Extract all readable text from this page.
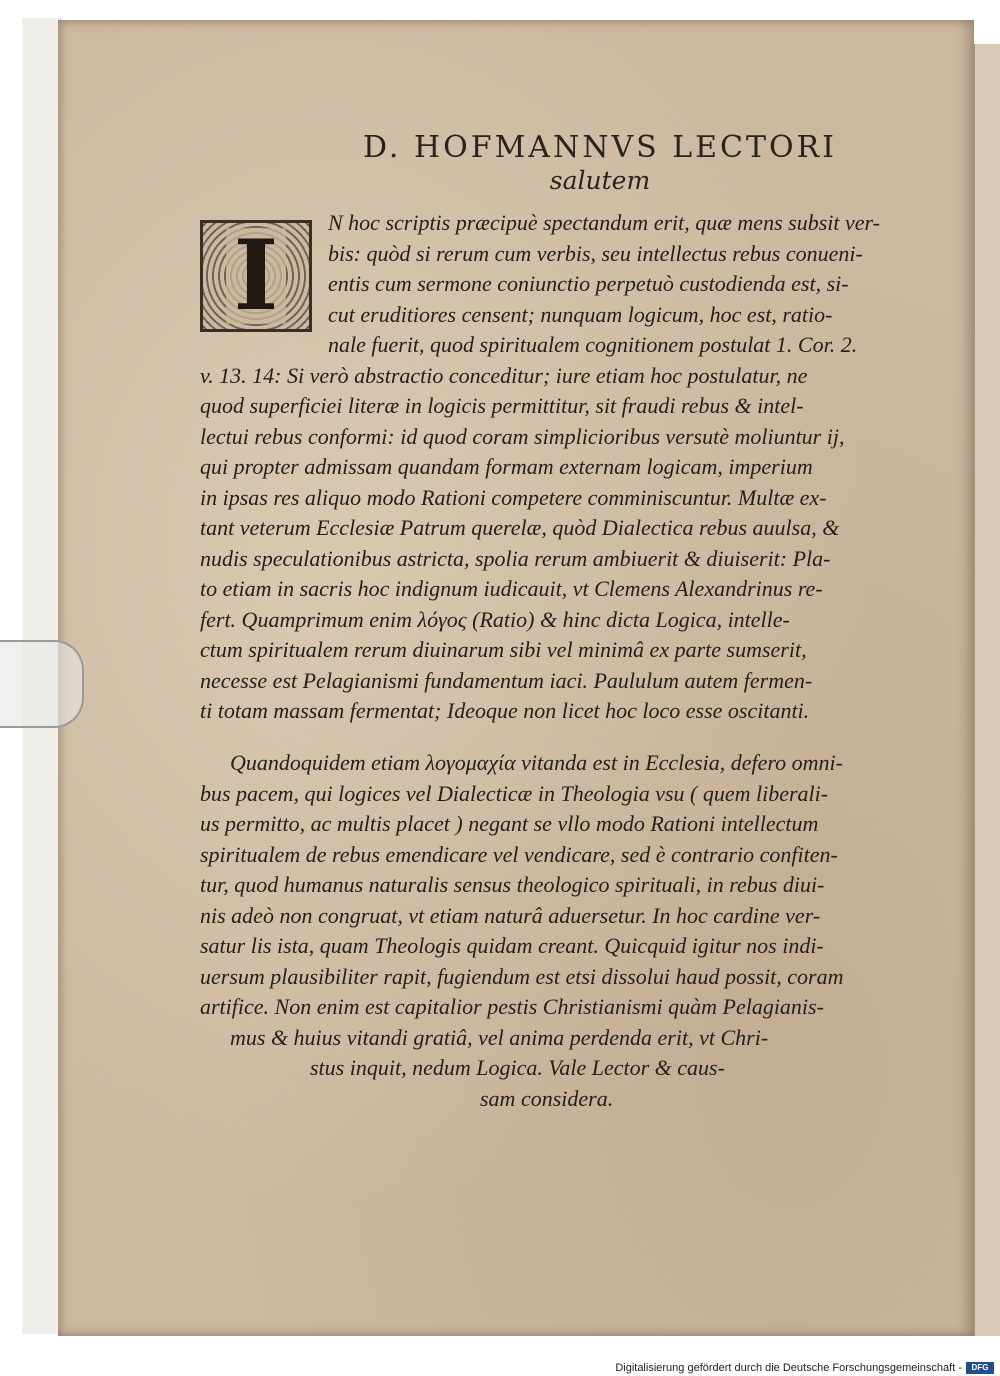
D. HOFMANNVS LECTORI
salutem
I	N hoc scriptis præcipuè spectandum erit, quæ mens subsit ver-
bis: quòd si rerum cum verbis, seu intellectus rebus conueni-
entis cum sermone coniunctio perpetuò custodienda est, si-
cut eruditiores censent; nunquam logicum, hoc est, ratio-
nale fuerit, quod spiritualem cognitionem postulat 1. Cor. 2.
v. 13. 14: Si verò abstractio conceditur; iure etiam hoc postulatur, ne
quod superficiei literæ in logicis permittitur, sit fraudi rebus & intel-
lectui rebus conformi: id quod coram simplicioribus versutè moliuntur ij,
qui propter admissam quandam formam externam logicam, imperium
in ipsas res aliquo modo Rationi competere comminiscuntur. Multæ ex-
tant veterum Ecclesiæ Patrum querelæ, quòd Dialectica rebus auulsa, &
nudis speculationibus astricta, spolia rerum ambiuerit & diuiserit: Pla-
to etiam in sacris hoc indignum iudicauit, vt Clemens Alexandrinus re-
fert. Quamprimum enim λόγος (Ratio) & hinc dicta Logica, intelle-
ctum spiritualem rerum diuinarum sibi vel minimâ ex parte sumserit,
necesse est Pelagianismi fundamentum iaci. Paululum autem fermen-
ti totam massam fermentat; Ideoque non licet hoc loco esse oscitanti.
Quandoquidem etiam λογομαχία vitanda est in Ecclesia, defero omni-
bus pacem, qui logices vel Dialecticæ in Theologia vsu ( quem liberali-
us permitto, ac multis placet ) negant se vllo modo Rationi intellectum
spiritualem de rebus emendicare vel vendicare, sed è contrario confiten-
tur, quod humanus naturalis sensus theologico spirituali, in rebus diui-
nis adeò non congruat, vt etiam naturâ aduersetur. In hoc cardine ver-
satur lis ista, quam Theologis quidam creant. Quicquid igitur nos indi-
uersum plausibiliter rapit, fugiendum est etsi dissolui haud possit, coram
artifice. Non enim est capitalior pestis Christianismi quàm Pelagianis-
mus & huius vitandi gratiâ, vel anima perdenda erit, vt Chri-
stus inquit, nedum Logica. Vale Lector & caus-
sam considera.
Digitalisierung gefördert durch die Deutsche Forschungsgemeinschaft -	DFG
